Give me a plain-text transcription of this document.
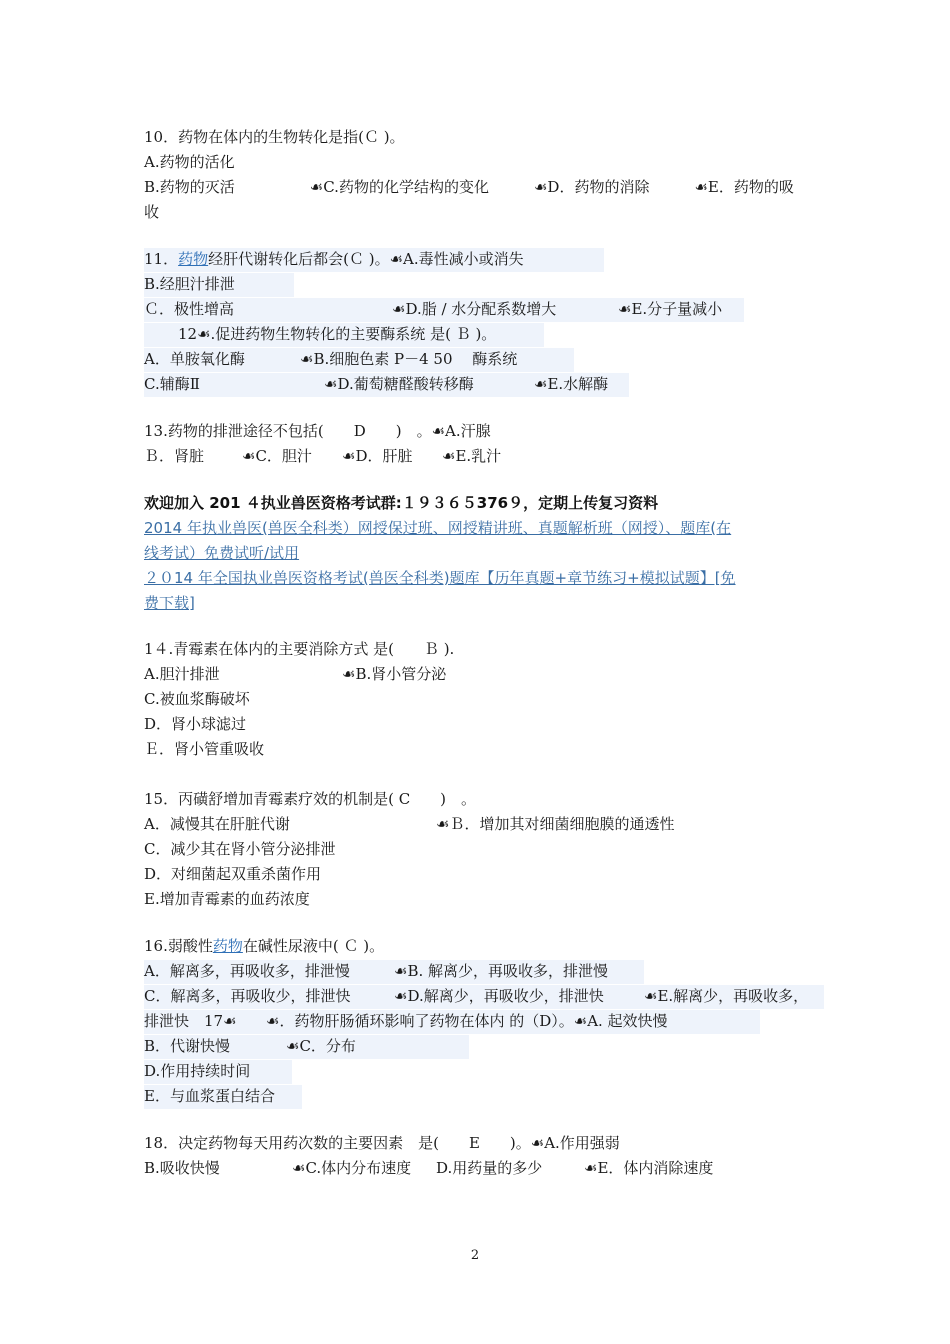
10．药物在体内的生物转化是指(Ｃ )。
A.药物的活化
B.药物的灭活　　　　　☙C.药物的化学结构的变化　　　☙D．药物的消除　　　☙E．药物的吸
收
11．药物经肝代谢转化后都会(Ｃ )。☙A.毒性减小或消失
B.经胆汁排泄
Ｃ．极性增高	☙D.脂 / 水分配系数增大	☙E.分子量减小
12☙.促进药物生物转化的主要酶系统 是( Ｂ )。
A．单胺氧化酶	☙B.细胞色素 P－4 50　 酶系统
C.辅酶Ⅱ	☙D.葡萄糖醛酸转移酶	☙E.水解酶
13.药物的排泄途径不包括(　　D　　)　。☙A.汗腺
Ｂ．肾脏	☙C．胆汁 ☙D．肝脏 ☙E.乳汁
欢迎加入 201 ４执业兽医资格考试群:１９３６５376９，定期上传复习资料
2014 年执业兽医(兽医全科类）网授保过班、网授精讲班、真题解析班（网授）、题库(在
线考试）免费试听/试用
２０14 年全国执业兽医资格考试(兽医全科类)题库【历年真题+章节练习+模拟试题】[免
费下载]
1４.青霉素在体内的主要消除方式 是(　　Ｂ ).
A.胆汁排泄	☙B.肾小管分泌
C.被血浆酶破坏
D．肾小球滤过
Ｅ．肾小管重吸收
15．丙磺舒增加青霉素疗效的机制是( C　　)　。
A．减慢其在肝脏代谢	☙Ｂ．增加其对细菌细胞膜的通透性
C．减少其在肾小管分泌排泄
D．对细菌起双重杀菌作用
E.增加青霉素的血药浓度
16.弱酸性药物在碱性尿液中( Ｃ )。
A．解离多，再吸收多，排泄慢	☙B. 解离少，再吸收多，排泄慢
C．解离多，再吸收少，排泄快	☙D.解离少，再吸收少，排泄快	☙E.解离少，再吸收多，
排泄快　17☙ ☙．药物肝肠循环影响了药物在体内 的（D）。☙A. 起效快慢
B．代谢快慢	☙C．分布
D.作用持续时间
E．与血浆蛋白结合
18．决定药物每天用药次数的主要因素　是(　　E　　)。☙A.作用强弱
B.吸收快慢	☙C.体内分布速度 D.用药量的多少	☙E．体内消除速度
2
